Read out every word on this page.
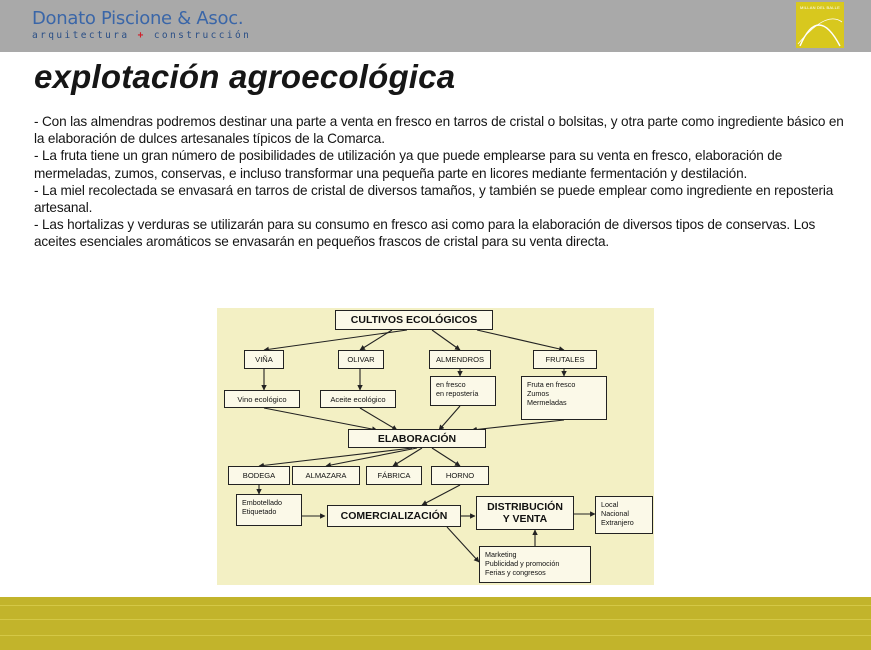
Donato Piscione & Asoc.
arquitectura + construcción
MILLAN DEL BALLE
explotación agroecológica

- Con las almendras podremos destinar una parte a venta en fresco en tarros de cristal o bolsitas, y otra parte como ingrediente básico en la elaboración de dulces artesanales típicos de la Comarca.

- La fruta tiene un gran número de posibilidades de utilización ya que puede emplearse para su venta en fresco, elaboración de mermeladas, zumos, conservas, e incluso transformar una pequeña parte en licores mediante fermentación y destilación.

- La miel recolectada se envasará en tarros de cristal de diversos tamaños, y también se puede emplear como ingrediente en reposteria artesanal.

- Las hortalizas y verduras se utilizarán para su consumo en fresco asi como para la elaboración de diversos tipos de conservas. Los aceites esenciales aromáticos se envasarán en pequeños frascos de cristal para su venta directa.

CULTIVOS ECOLÓGICOS
VIÑA	OLIVAR	ALMENDROS	FRUTALES
Vino ecológico	Aceite ecológico
en fresco
en repostería
Fruta en fresco
Zumos
Mermeladas
ELABORACIÓN
BODEGA	ALMAZARA	FÁBRICA	HORNO
Embotellado
Etiquetado	COMERCIALIZACIÓN
DISTRIBUCIÓN
Y VENTA
Local
Nacional
Extranjero
Marketing
Publicidad y promoción
Ferias y congresos
